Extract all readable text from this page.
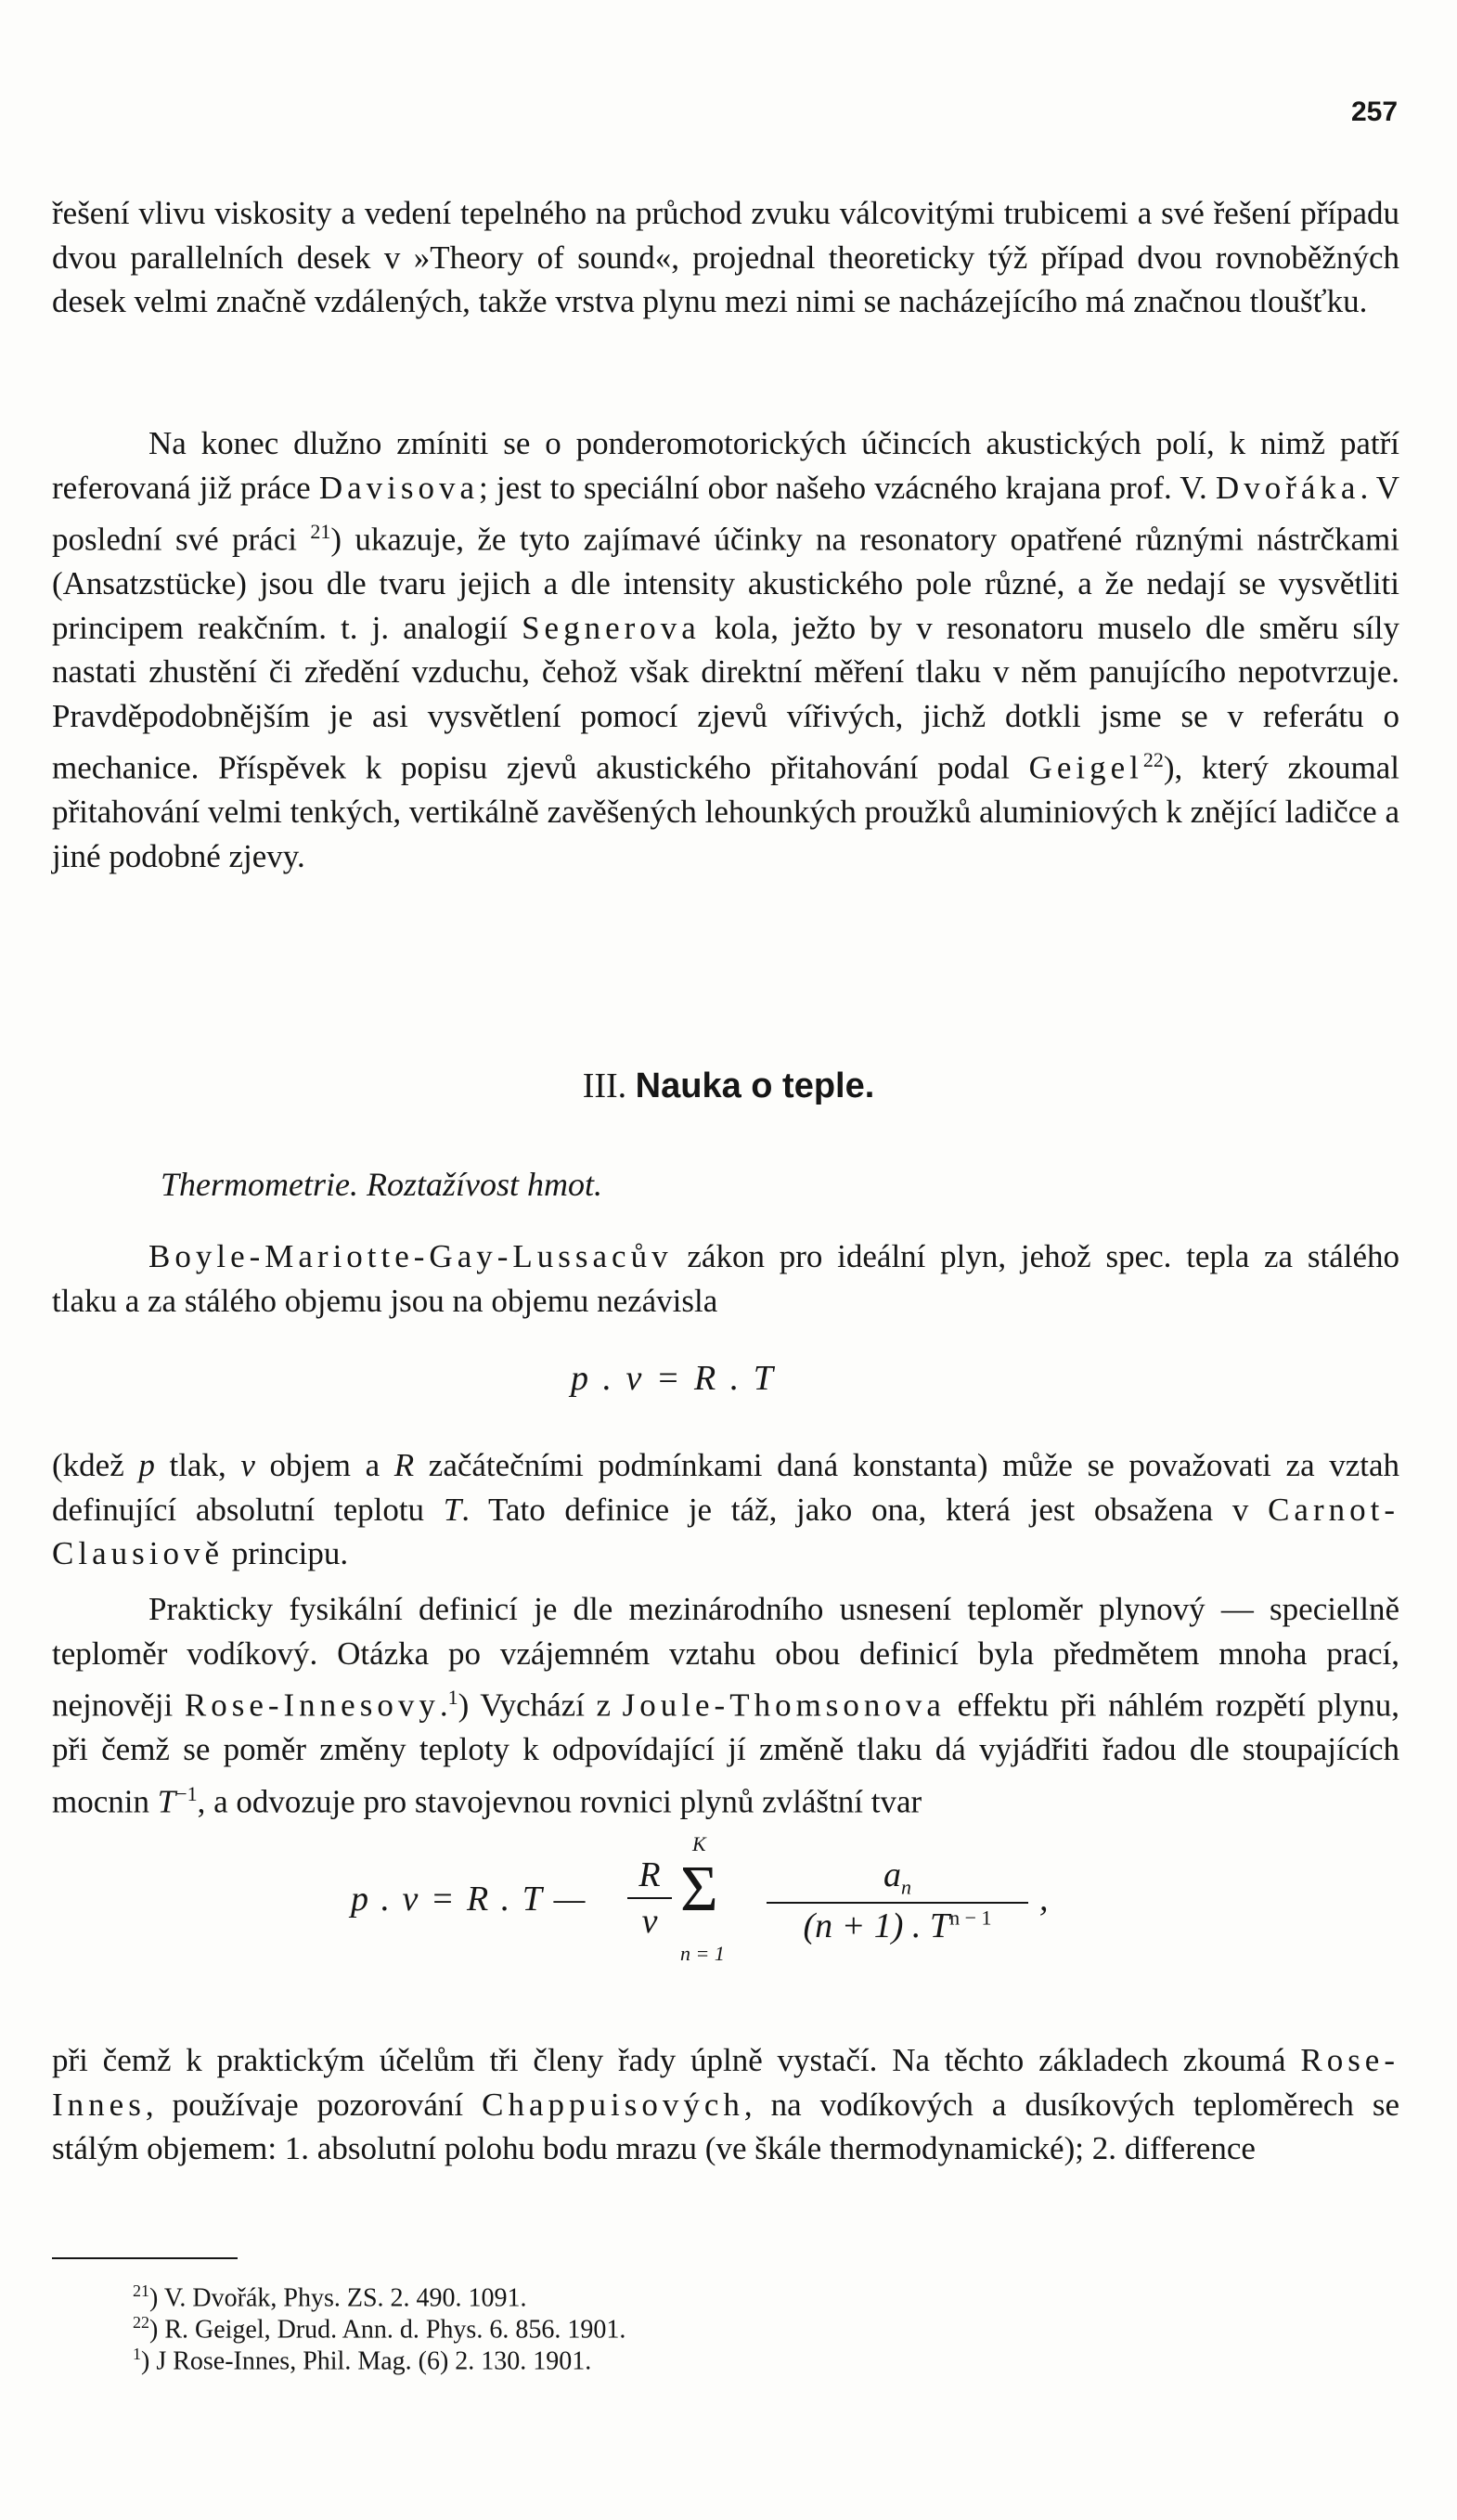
257

řešení vlivu viskosity a vedení tepelného na průchod zvuku válcovitými trubicemi a své řešení případu dvou parallelních desek v »Theory of sound«, projednal theoreticky týž případ dvou rovnoběžných desek velmi značně vzdálených, takže vrstva plynu mezi nimi se nacházejícího má značnou tloušťku.

Na konec dlužno zmíniti se o ponderomotorických účincích akustických polí, k nimž patří referovaná již práce Davisova; jest to speciální obor našeho vzácného krajana prof. V. Dvořáka. V poslední své práci $^{21}$) ukazuje, že tyto zajímavé účinky na resonatory opatřené různými nástrčkami (Ansatzstücke) jsou dle tvaru jejich a dle intensity akustického pole různé, a že nedají se vysvětliti principem reakčním. t. j. analogií Segnerova kola, ježto by v resonatoru muselo dle směru síly nastati zhustění či zředění vzduchu, čehož však direktní měření tlaku v něm panujícího nepotvrzuje. Pravděpodobnějším je asi vysvětlení pomocí zjevů vířivých, jichž dotkli jsme se v referátu o mechanice. Příspěvek k popisu zjevů akustického přitahování podal Geigel$^{22}$), který zkoumal přitahování velmi tenkých, vertikálně zavěšených lehounkých proužků aluminiových k znějící ladičce a jiné podobné zjevy.

III. Nauka o teple.
Thermometrie. Roztažívost hmot.

Boyle-Mariotte-Gay-Lussacův zákon pro ideální plyn, jehož spec. tepla za stálého tlaku a za stálého objemu jsou na objemu nezávisla

p . v = R . T

(kdež p tlak, v objem a R začátečními podmínkami daná konstanta) může se považovati za vztah definující absolutní teplotu T. Tato definice je táž, jako ona, která jest obsažena v Carnot-Clausiově principu.

Prakticky fysikální definicí je dle mezinárodního usnesení teploměr plynový — speciellně teploměr vodíkový. Otázka po vzájemném vztahu obou definicí byla předmětem mnoha prací, nejnověji Rose-Innesovy.$^1$) Vychází z Joule-Thomsonova effektu při náhlém rozpětí plynu, při čemž se poměr změny teploty k odpovídající jí změně tlaku dá vyjádřiti řadou dle stoupajících mocnin $T^{-1}$, a odvozuje pro stavojevnou rovnici plynů zvláštní tvar

p . v = R . T —
R
v
K
Σ
n = 1
$a_n$
(n + 1) . $T^{n - 1}$	,

při čemž k praktickým účelům tři členy řady úplně vystačí. Na těchto základech zkoumá Rose-Innes, používaje pozorování Chappuisových, na vodíkových a dusíkových teploměrech se stálým objemem: 1. absolutní polohu bodu mrazu (ve škále thermodynamické); 2. difference

$^{21}$) V. Dvořák, Phys. ZS. 2. 490. 1091.
$^{22}$) R. Geigel, Drud. Ann. d. Phys. 6. 856. 1901.
$^1$) J Rose-Innes, Phil. Mag. (6) 2. 130. 1901.
